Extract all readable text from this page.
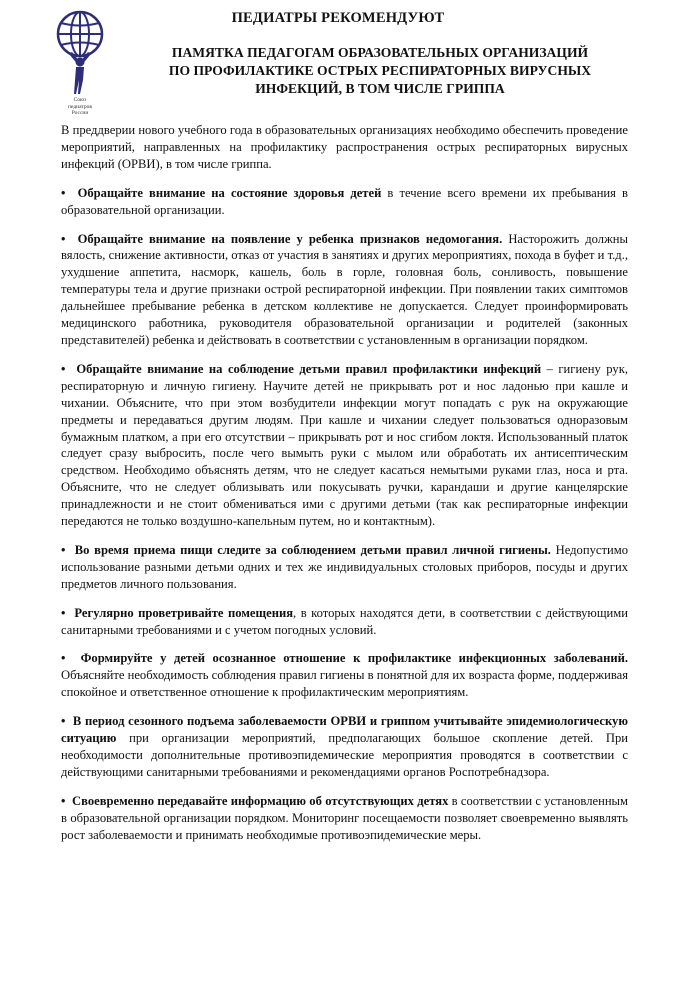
Союз
педиатров
России
ПЕДИАТРЫ РЕКОМЕНДУЮТ
ПАМЯТКА ПЕДАГОГАМ ОБРАЗОВАТЕЛЬНЫХ ОРГАНИЗАЦИЙ
ПО ПРОФИЛАКТИКЕ ОСТРЫХ РЕСПИРАТОРНЫХ ВИРУСНЫХ
ИНФЕКЦИЙ, В ТОМ ЧИСЛЕ ГРИППА

В преддверии нового учебного года в образовательных организациях необходимо обеспечить проведение мероприятий, направленных на профилактику распространения острых респираторных вирусных инфекций (ОРВИ), в том числе гриппа.

•  Обращайте внимание на состояние здоровья детей в течение всего времени их пребывания в образовательной организации.

•  Обращайте внимание на появление у ребенка признаков недомогания. Насторожить должны вялость, снижение активности, отказ от участия в занятиях и других мероприятиях, похода в буфет и т.д., ухудшение аппетита, насморк, кашель, боль в горле, головная боль, сонливость, повышение температуры тела и другие признаки острой респираторной инфекции. При появлении таких симптомов дальнейшее пребывание ребенка в детском коллективе не допускается. Следует проинформировать медицинского работника, руководителя образовательной организации и родителей (законных представителей) ребенка и действовать в соответствии с установленным в организации порядком.

•  Обращайте внимание на соблюдение детьми правил профилактики инфекций – гигиену рук, респираторную и личную гигиену. Научите детей не прикрывать рот и нос ладонью при кашле и чихании. Объясните, что при этом возбудители инфекции могут попадать с рук на окружающие предметы и передаваться другим людям. При кашле и чихании следует пользоваться одноразовым бумажным платком, а при его отсутствии – прикрывать рот и нос сгибом локтя. Использованный платок следует сразу выбросить, после чего вымыть руки с мылом или обработать их антисептическим средством. Необходимо объяснять детям, что не следует касаться немытыми руками глаз, носа и рта. Объясните, что не следует облизывать или покусывать ручки, карандаши и другие канцелярские принадлежности и не стоит обмениваться ими с другими детьми (так как респираторные инфекции передаются не только воздушно-капельным путем, но и контактным).

•  Во время приема пищи следите за соблюдением детьми правил личной гигиены. Недопустимо использование разными детьми одних и тех же индивидуальных столовых приборов, посуды и других предметов личного пользования.

•  Регулярно проветривайте помещения, в которых находятся дети, в соответствии с действующими санитарными требованиями и с учетом погодных условий.

•  Формируйте у детей осознанное отношение к профилактике инфекционных заболеваний. Объясняйте необходимость соблюдения правил гигиены в понятной для их возраста форме, поддерживая спокойное и ответственное отношение к профилактическим мероприятиям.

•  В период сезонного подъема заболеваемости ОРВИ и гриппом учитывайте эпидемиологическую ситуацию при организации мероприятий, предполагающих большое скопление детей. При необходимости дополнительные противоэпидемические мероприятия проводятся в соответствии с действующими санитарными требованиями и рекомендациями органов Роспотребнадзора.

•  Своевременно передавайте информацию об отсутствующих детях в соответствии с установленным в образовательной организации порядком. Мониторинг посещаемости позволяет своевременно выявлять рост заболеваемости и принимать необходимые противоэпидемические меры.
